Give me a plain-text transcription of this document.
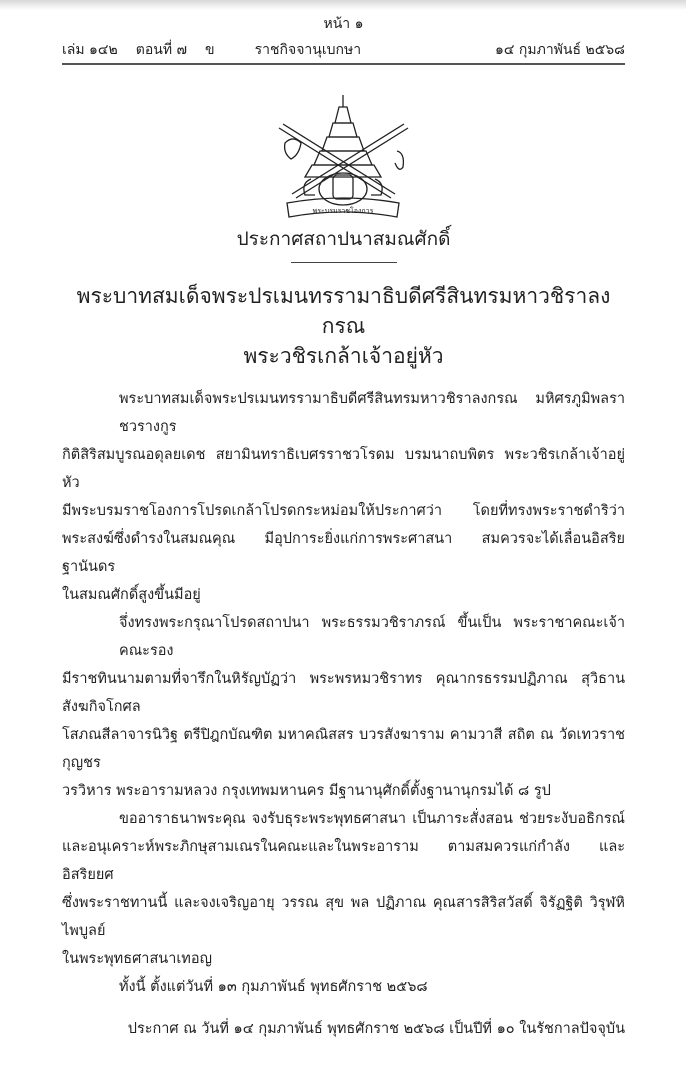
หน้า ๑
เล่ม ๑๔๒ ตอนที่ ๗ ข	ราชกิจจานุเบกษา	๑๔ กุมภาพันธ์ ๒๕๖๘
พระบรมราชโองการ
ประกาศสถาปนาสมณศักดิ์
พระบาทสมเด็จพระปรเมนทรรามาธิบดีศรีสินทรมหาวชิราลงกรณ
พระวชิรเกล้าเจ้าอยู่หัว
พระบาทสมเด็จพระปรเมนทรรามาธิบดีศรีสินทรมหาวชิราลงกรณ มหิศรภูมิพลราชวรางกูร
กิติสิริสมบูรณอดุลยเดช สยามินทราธิเบศรราชวโรดม บรมนาถบพิตร พระวชิรเกล้าเจ้าอยู่หัว
มีพระบรมราชโองการโปรดเกล้าโปรดกระหม่อมให้ประกาศว่า โดยที่ทรงพระราชดำริว่า
พระสงฆ์ซึ่งดำรงในสมณคุณ มีอุปการะยิ่งแก่การพระศาสนา สมควรจะได้เลื่อนอิสริยฐานันดร
ในสมณศักดิ์สูงขึ้นมีอยู่
จึ่งทรงพระกรุณาโปรดสถาปนา พระธรรมวชิราภรณ์ ขึ้นเป็น พระราชาคณะเจ้าคณะรอง
มีราชทินนามตามที่จารึกในหิรัญบัฏว่า พระพรหมวชิราทร คุณากรธรรมปฏิภาณ สุวิธานสังฆกิจโกศล
โสภณสีลาจารนิวิฐ ตรีปิฎกบัณฑิต มหาคณิสสร บวรสังฆาราม คามวาสี สถิต ณ วัดเทวราชกุญชร
วรวิหาร พระอารามหลวง กรุงเทพมหานคร มีฐานานุศักดิ์ตั้งฐานานุกรมได้ ๘ รูป
ขออาราธนาพระคุณ จงรับธุระพระพุทธศาสนา เป็นภาระสั่งสอน ช่วยระงับอธิกรณ์
และอนุเคราะห์พระภิกษุสามเณรในคณะและในพระอาราม ตามสมควรแก่กำลัง และอิสริยยศ
ซึ่งพระราชทานนี้ และจงเจริญอายุ วรรณ สุข พล ปฏิภาณ คุณสารสิริสวัสดิ์ จิรัฏฐิติ วิรุฬหิไพบูลย์
ในพระพุทธศาสนาเทอญ
ทั้งนี้ ตั้งแต่วันที่ ๑๓ กุมภาพันธ์ พุทธศักราช ๒๕๖๘
ประกาศ ณ วันที่ ๑๔ กุมภาพันธ์ พุทธศักราช ๒๕๖๘ เป็นปีที่ ๑๐ ในรัชกาลปัจจุบัน
